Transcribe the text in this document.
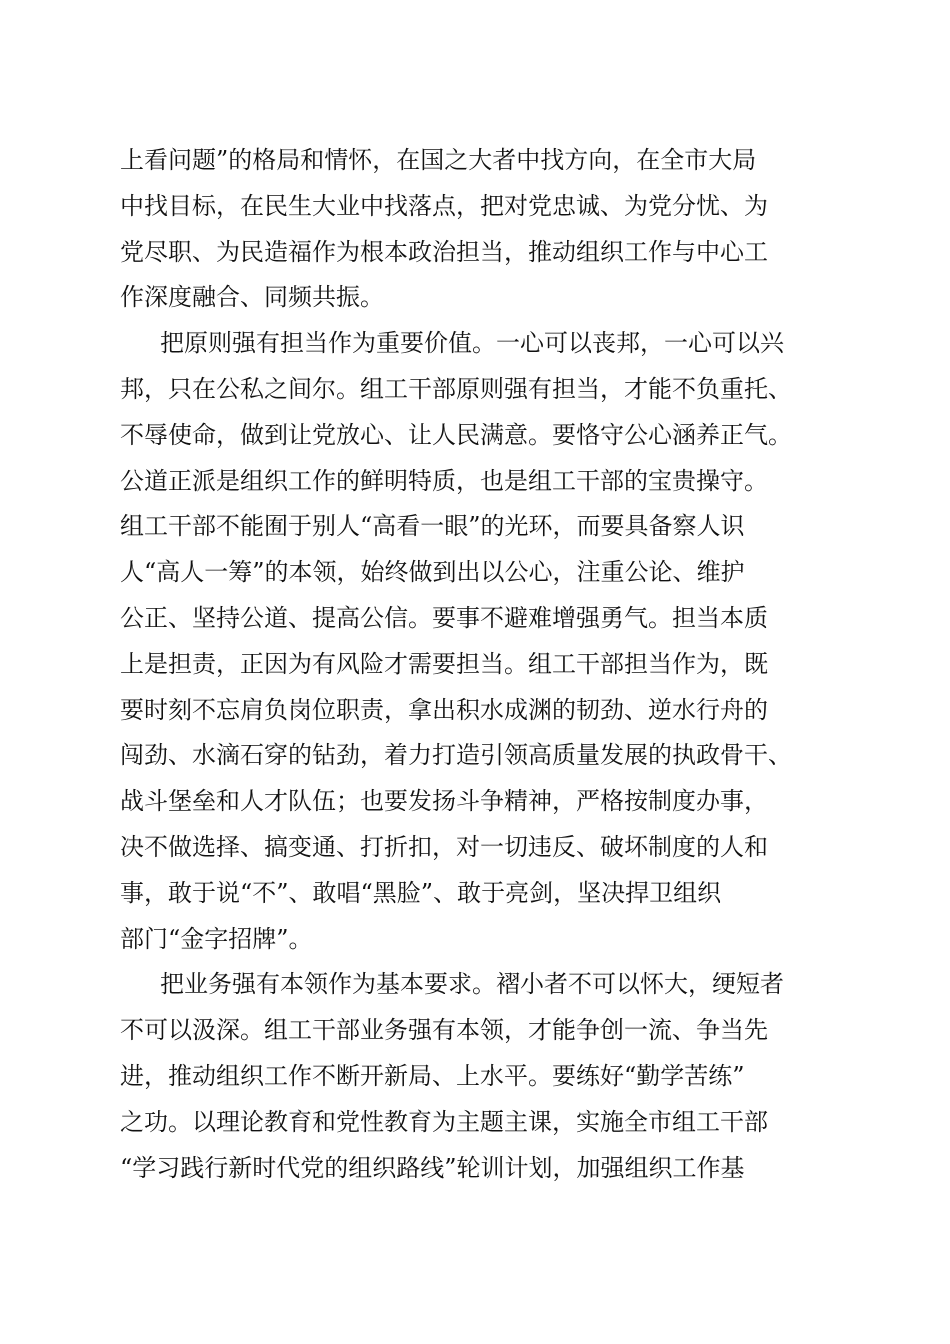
上看问题”的格局和情怀，在国之大者中找方向，在全市大局
中找目标，在民生大业中找落点，把对党忠诚、为党分忧、为
党尽职、为民造福作为根本政治担当，推动组织工作与中心工
作深度融合、同频共振。
把原则强有担当作为重要价值。一心可以丧邦，一心可以兴
邦，只在公私之间尔。组工干部原则强有担当，才能不负重托、
不辱使命，做到让党放心、让人民满意。要恪守公心涵养正气。
公道正派是组织工作的鲜明特质，也是组工干部的宝贵操守。
组工干部不能囿于别人“高看一眼”的光环，而要具备察人识
人“高人一筹”的本领，始终做到出以公心，注重公论、维护
公正、坚持公道、提高公信。要事不避难增强勇气。担当本质
上是担责，正因为有风险才需要担当。组工干部担当作为，既
要时刻不忘肩负岗位职责，拿出积水成渊的韧劲、逆水行舟的
闯劲、水滴石穿的钻劲，着力打造引领高质量发展的执政骨干、
战斗堡垒和人才队伍；也要发扬斗争精神，严格按制度办事，
决不做选择、搞变通、打折扣，对一切违反、破坏制度的人和
事，敢于说“不”、敢唱“黑脸”、敢于亮剑，坚决捍卫组织
部门“金字招牌”。
把业务强有本领作为基本要求。褶小者不可以怀大，绠短者
不可以汲深。组工干部业务强有本领，才能争创一流、争当先
进，推动组织工作不断开新局、上水平。要练好“勤学苦练”
之功。以理论教育和党性教育为主题主课，实施全市组工干部
“学习践行新时代党的组织路线”轮训计划，加强组织工作基
